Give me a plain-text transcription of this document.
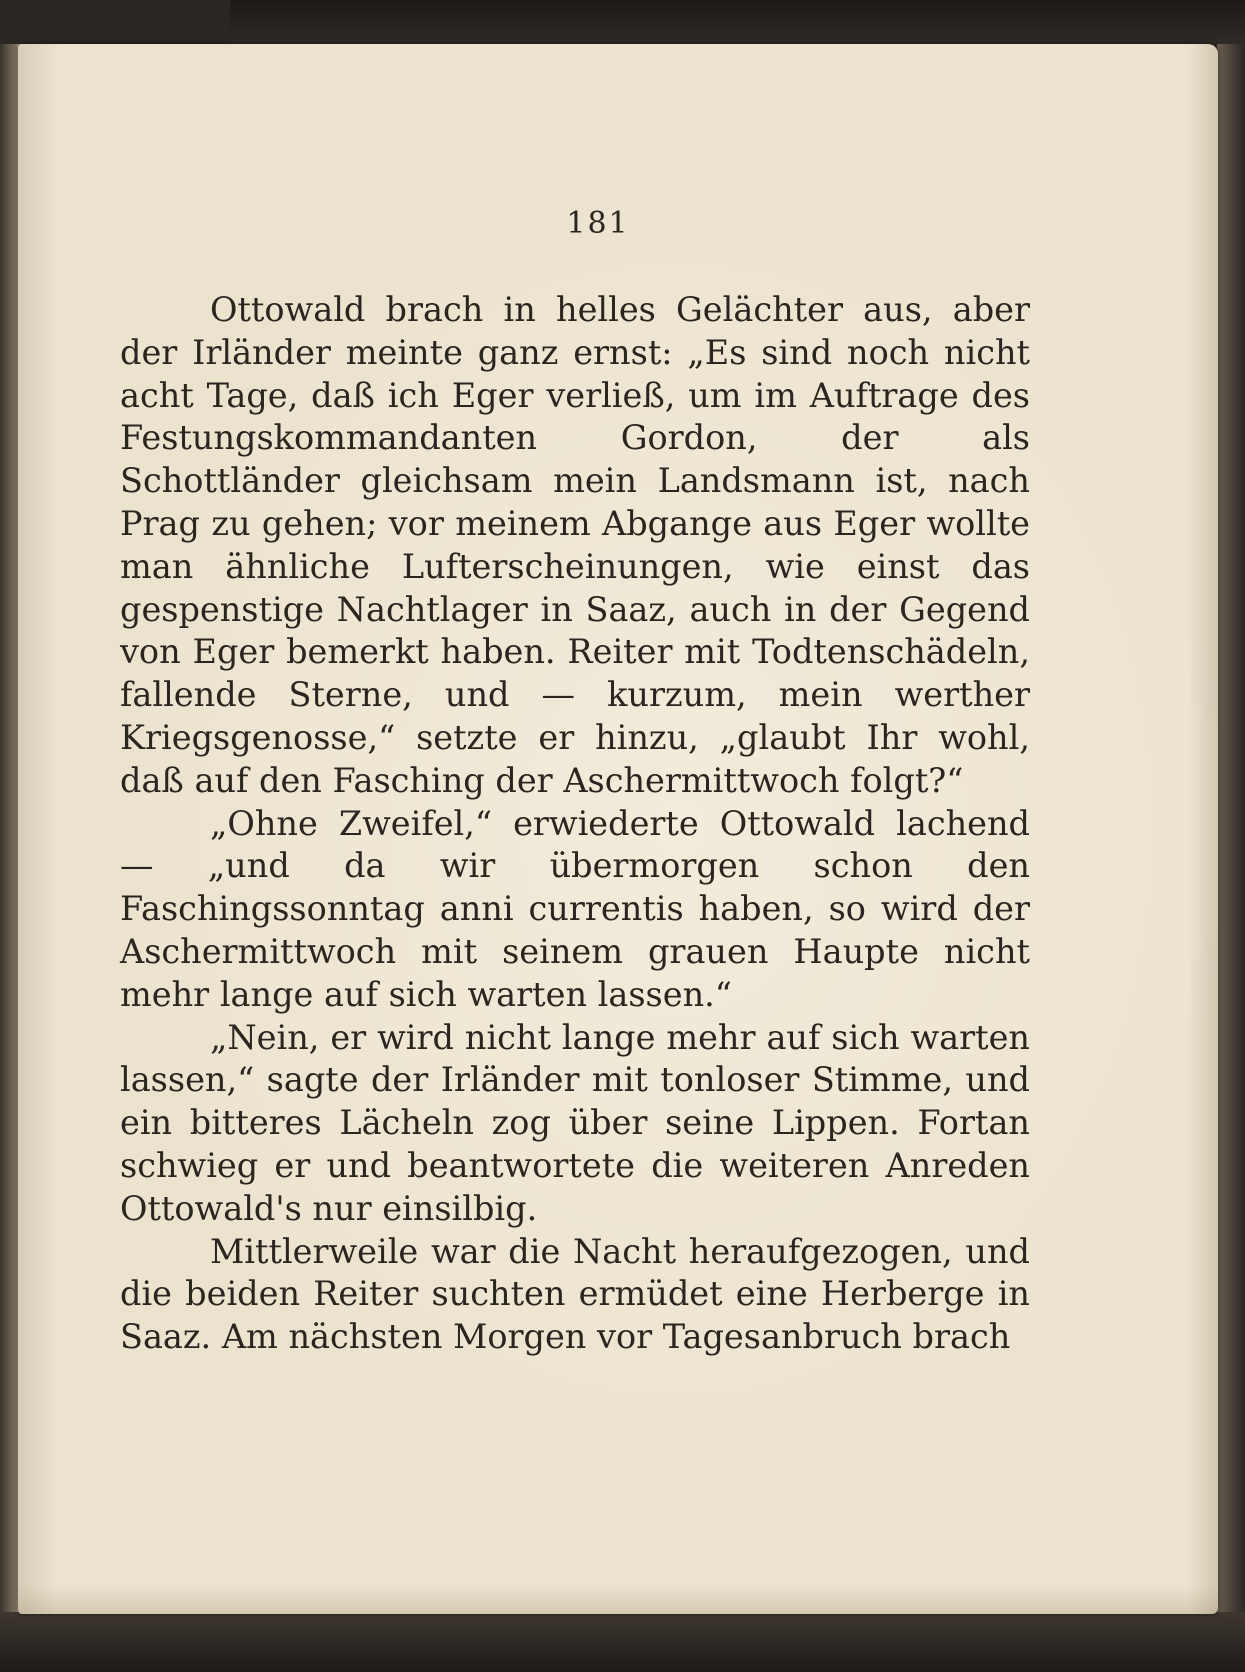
181

Ottowald brach in helles Gelächter aus, aber der Irländer meinte ganz ernst: „Es sind noch nicht acht Tage, daß ich Eger verließ, um im Auftrage des Festungskommandanten Gordon, der als Schottländer gleichsam mein Landsmann ist, nach Prag zu gehen; vor meinem Abgange aus Eger wollte man ähnliche Lufterscheinungen, wie einst das gespenstige Nachtlager in Saaz, auch in der Gegend von Eger bemerkt haben. Reiter mit Todtenschädeln, fallende Sterne, und — kurzum, mein werther Kriegsgenosse,“ setzte er hinzu, „glaubt Ihr wohl, daß auf den Fasching der Aschermittwoch folgt?“

„Ohne Zweifel,“ erwiederte Ottowald lachend — „und da wir übermorgen schon den Faschingssonntag anni currentis haben, so wird der Aschermittwoch mit seinem grauen Haupte nicht mehr lange auf sich warten lassen.“

„Nein, er wird nicht lange mehr auf sich warten lassen,“ sagte der Irländer mit tonloser Stimme, und ein bitteres Lächeln zog über seine Lippen. Fortan schwieg er und beantwortete die weiteren Anreden Ottowald's nur einsilbig.

Mittlerweile war die Nacht heraufgezogen, und die beiden Reiter suchten ermüdet eine Herberge in Saaz. Am nächsten Morgen vor Tagesanbruch brach
